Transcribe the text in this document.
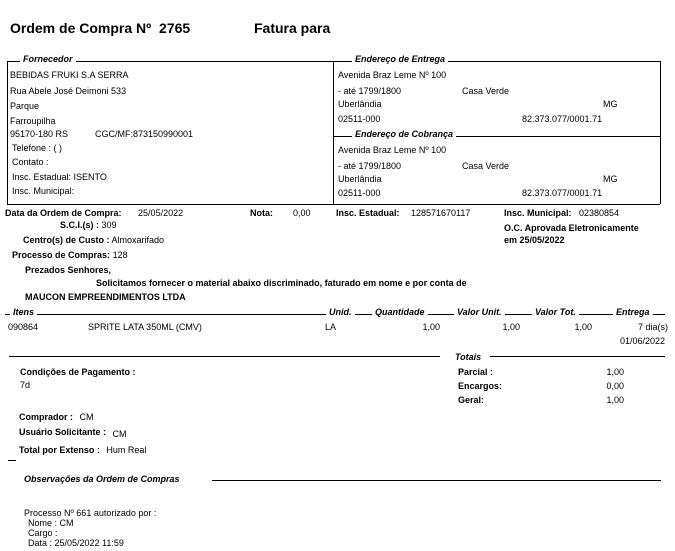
Ordem de Compra Nº 2765	Fatura para
Fornecedor	Endereço de Entrega
Endereço de Cobrança
BEBIDAS FRUKI S.A SERRA
Rua Abele José Deimoni 533
Parque
Farroupilha
95170-180 RS	CGC/MF:873150990001
Telefone : ( )
Contato :
Insc. Estadual: ISENTO
Insc. Municipal:
Avenida Braz Leme Nº 100
- até 1799/1800	Casa Verde
Uberlândia	MG
02511-000	82.373.077/0001.71
Avenida Braz Leme Nº 100
- até 1799/1800	Casa Verde
Uberlândia	MG
02511-000	82.373.077/0001.71
Data da Ordem de Compra: 25/05/2022	Nota: 0,00	Insc. Estadual: 128571670117	Insc. Municipal: 02380854
S.C.I.(s) : 309	O.C. Aprovada Eletronicamente
em 25/05/2022
Centro(s) de Custo : Almoxarifado
Processo de Compras: 128
Prezados Senhores,
Solicitamos fornecer o material abaixo discriminado, faturado em nome e por conta de
MAUCON EMPREENDIMENTOS LTDA
Itens	Unid.	Quantidade	Valor Unit.	Valor Tot.	Entrega
090864	SPRITE LATA 350ML (CMV)	LA	1,00	1,00	1,00	7 dia(s)
01/06/2022
Totais
Condições de Pagamento :
7d
Parcial :	1,00
Encargos:	0,00
Geral:	1,00
Comprador : CM
Usuário Solicitante : CM
Total por Extenso : Hum Real
Observações da Ordem de Compras
Processo Nº 661 autorizado por :
Nome : CM
Cargo :
Data : 25/05/2022 11:59
